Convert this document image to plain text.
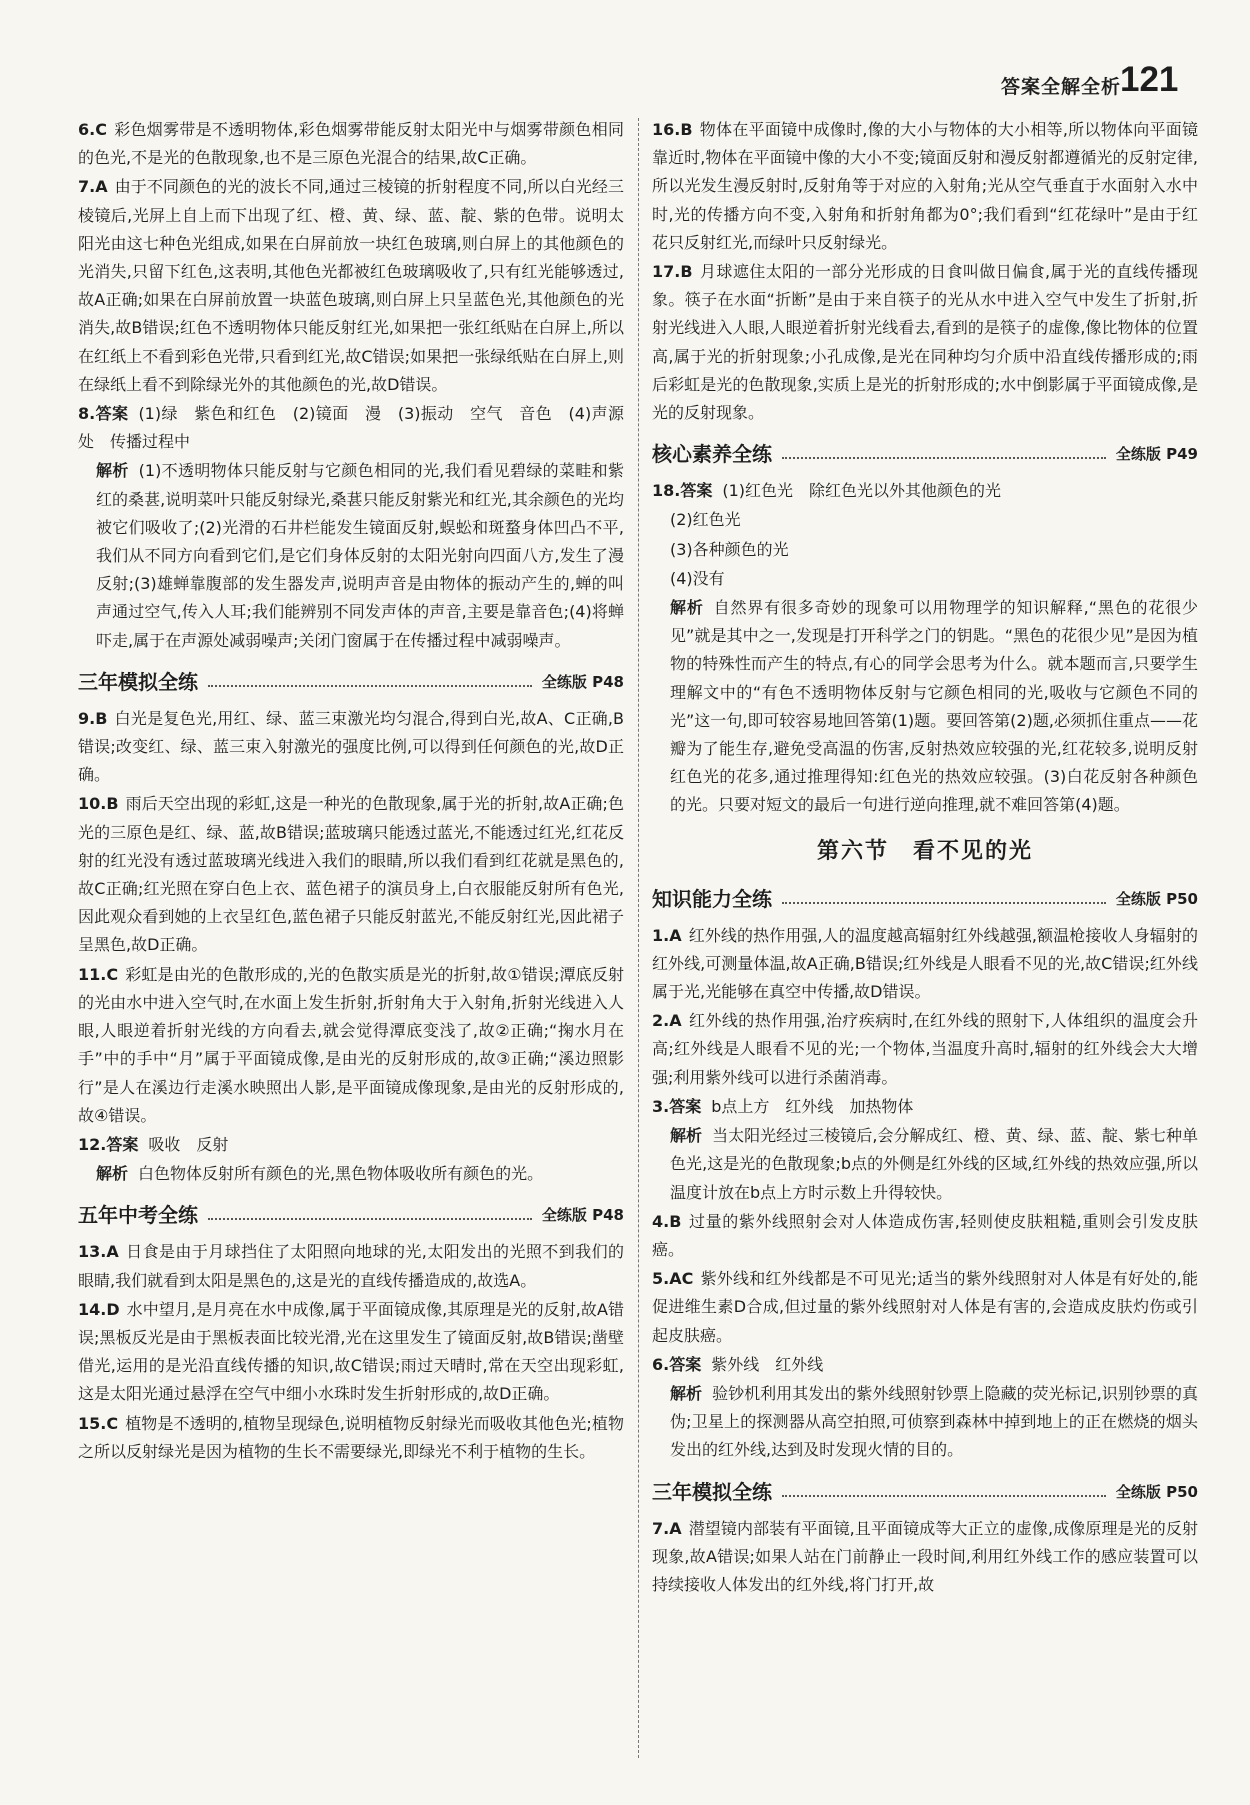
答案全解全析
121

6.C 彩色烟雾带是不透明物体,彩色烟雾带能反射太阳光中与烟雾带颜色相同的色光,不是光的色散现象,也不是三原色光混合的结果,故C正确。

7.A 由于不同颜色的光的波长不同,通过三棱镜的折射程度不同,所以白光经三棱镜后,光屏上自上而下出现了红、橙、黄、绿、蓝、靛、紫的色带。说明太阳光由这七种色光组成,如果在白屏前放一块红色玻璃,则白屏上的其他颜色的光消失,只留下红色,这表明,其他色光都被红色玻璃吸收了,只有红光能够透过,故A正确;如果在白屏前放置一块蓝色玻璃,则白屏上只呈蓝色光,其他颜色的光消失,故B错误;红色不透明物体只能反射红光,如果把一张红纸贴在白屏上,所以在红纸上不看到彩色光带,只看到红光,故C错误;如果把一张绿纸贴在白屏上,则在绿纸上看不到除绿光外的其他颜色的光,故D错误。

8.答案 (1)绿　紫色和红色　(2)镜面　漫　(3)振动　空气　音色　(4)声源处　传播过程中

解析 (1)不透明物体只能反射与它颜色相同的光,我们看见碧绿的菜畦和紫红的桑葚,说明菜叶只能反射绿光,桑葚只能反射紫光和红光,其余颜色的光均被它们吸收了;(2)光滑的石井栏能发生镜面反射,蜈蚣和斑蝥身体凹凸不平,我们从不同方向看到它们,是它们身体反射的太阳光射向四面八方,发生了漫反射;(3)雄蝉靠腹部的发生器发声,说明声音是由物体的振动产生的,蝉的叫声通过空气,传入人耳;我们能辨别不同发声体的声音,主要是靠音色;(4)将蝉吓走,属于在声源处减弱噪声;关闭门窗属于在传播过程中减弱噪声。

三年模拟全练	全练版 P48

9.B 白光是复色光,用红、绿、蓝三束激光均匀混合,得到白光,故A、C正确,B错误;改变红、绿、蓝三束入射激光的强度比例,可以得到任何颜色的光,故D正确。

10.B 雨后天空出现的彩虹,这是一种光的色散现象,属于光的折射,故A正确;色光的三原色是红、绿、蓝,故B错误;蓝玻璃只能透过蓝光,不能透过红光,红花反射的红光没有透过蓝玻璃光线进入我们的眼睛,所以我们看到红花就是黑色的,故C正确;红光照在穿白色上衣、蓝色裙子的演员身上,白衣服能反射所有色光,因此观众看到她的上衣呈红色,蓝色裙子只能反射蓝光,不能反射红光,因此裙子呈黑色,故D正确。

11.C 彩虹是由光的色散形成的,光的色散实质是光的折射,故①错误;潭底反射的光由水中进入空气时,在水面上发生折射,折射角大于入射角,折射光线进入人眼,人眼逆着折射光线的方向看去,就会觉得潭底变浅了,故②正确;“掬水月在手”中的手中“月”属于平面镜成像,是由光的反射形成的,故③正确;“溪边照影行”是人在溪边行走溪水映照出人影,是平面镜成像现象,是由光的反射形成的,故④错误。

12.答案 吸收　反射

解析 白色物体反射所有颜色的光,黑色物体吸收所有颜色的光。

五年中考全练	全练版 P48

13.A 日食是由于月球挡住了太阳照向地球的光,太阳发出的光照不到我们的眼睛,我们就看到太阳是黑色的,这是光的直线传播造成的,故选A。

14.D 水中望月,是月亮在水中成像,属于平面镜成像,其原理是光的反射,故A错误;黑板反光是由于黑板表面比较光滑,光在这里发生了镜面反射,故B错误;凿壁借光,运用的是光沿直线传播的知识,故C错误;雨过天晴时,常在天空出现彩虹,这是太阳光通过悬浮在空气中细小水珠时发生折射形成的,故D正确。

15.C 植物是不透明的,植物呈现绿色,说明植物反射绿光而吸收其他色光;植物之所以反射绿光是因为植物的生长不需要绿光,即绿光不利于植物的生长。

16.B 物体在平面镜中成像时,像的大小与物体的大小相等,所以物体向平面镜靠近时,物体在平面镜中像的大小不变;镜面反射和漫反射都遵循光的反射定律,所以光发生漫反射时,反射角等于对应的入射角;光从空气垂直于水面射入水中时,光的传播方向不变,入射角和折射角都为0°;我们看到“红花绿叶”是由于红花只反射红光,而绿叶只反射绿光。

17.B 月球遮住太阳的一部分光形成的日食叫做日偏食,属于光的直线传播现象。筷子在水面“折断”是由于来自筷子的光从水中进入空气中发生了折射,折射光线进入人眼,人眼逆着折射光线看去,看到的是筷子的虚像,像比物体的位置高,属于光的折射现象;小孔成像,是光在同种均匀介质中沿直线传播形成的;雨后彩虹是光的色散现象,实质上是光的折射形成的;水中倒影属于平面镜成像,是光的反射现象。

核心素养全练	全练版 P49

18.答案 (1)红色光　除红色光以外其他颜色的光

(2)红色光

(3)各种颜色的光

(4)没有

解析 自然界有很多奇妙的现象可以用物理学的知识解释,“黑色的花很少见”就是其中之一,发现是打开科学之门的钥匙。“黑色的花很少见”是因为植物的特殊性而产生的特点,有心的同学会思考为什么。就本题而言,只要学生理解文中的“有色不透明物体反射与它颜色相同的光,吸收与它颜色不同的光”这一句,即可较容易地回答第(1)题。要回答第(2)题,必须抓住重点——花瓣为了能生存,避免受高温的伤害,反射热效应较强的光,红花较多,说明反射红色光的花多,通过推理得知:红色光的热效应较强。(3)白花反射各种颜色的光。只要对短文的最后一句进行逆向推理,就不难回答第(4)题。

第六节 看不见的光
知识能力全练	全练版 P50

1.A 红外线的热作用强,人的温度越高辐射红外线越强,额温枪接收人身辐射的红外线,可测量体温,故A正确,B错误;红外线是人眼看不见的光,故C错误;红外线属于光,光能够在真空中传播,故D错误。

2.A 红外线的热作用强,治疗疾病时,在红外线的照射下,人体组织的温度会升高;红外线是人眼看不见的光;一个物体,当温度升高时,辐射的红外线会大大增强;利用紫外线可以进行杀菌消毒。

3.答案 b点上方　红外线　加热物体

解析 当太阳光经过三棱镜后,会分解成红、橙、黄、绿、蓝、靛、紫七种单色光,这是光的色散现象;b点的外侧是红外线的区域,红外线的热效应强,所以温度计放在b点上方时示数上升得较快。

4.B 过量的紫外线照射会对人体造成伤害,轻则使皮肤粗糙,重则会引发皮肤癌。

5.AC 紫外线和红外线都是不可见光;适当的紫外线照射对人体是有好处的,能促进维生素D合成,但过量的紫外线照射对人体是有害的,会造成皮肤灼伤或引起皮肤癌。

6.答案 紫外线　红外线

解析 验钞机利用其发出的紫外线照射钞票上隐藏的荧光标记,识别钞票的真伪;卫星上的探测器从高空拍照,可侦察到森林中掉到地上的正在燃烧的烟头发出的红外线,达到及时发现火情的目的。

三年模拟全练	全练版 P50

7.A 潜望镜内部装有平面镜,且平面镜成等大正立的虚像,成像原理是光的反射现象,故A错误;如果人站在门前静止一段时间,利用红外线工作的感应装置可以持续接收人体发出的红外线,将门打开,故
